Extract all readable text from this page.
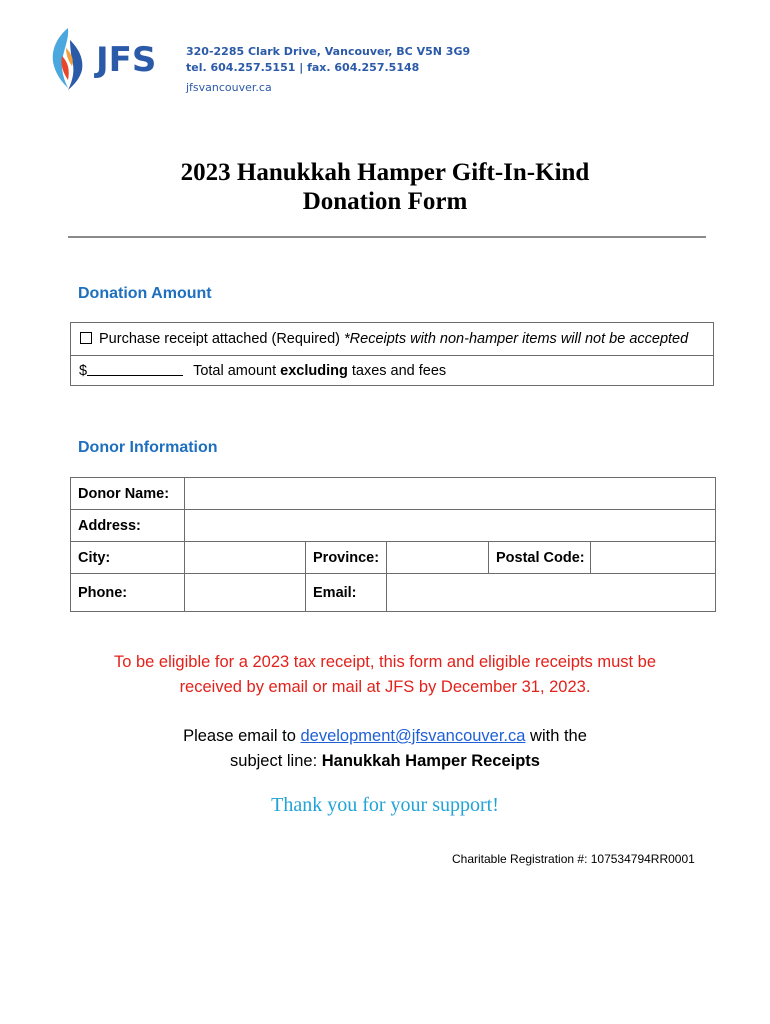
JFS	320-2285 Clark Drive, Vancouver, BC V5N 3G9
tel. 604.257.5151 | fax. 604.257.5148
jfsvancouver.ca
2023 Hanukkah Hamper Gift-In-Kind
Donation Form
Donation Amount
Purchase receipt attached (Required) *Receipts with non-hamper items will not be accepted
$	Total amount excluding taxes and fees
Donor Information
Donor Name:					
Address:					
City:		Province:		Postal Code:	
Phone:		Email:			
To be eligible for a 2023 tax receipt, this form and eligible receipts must be
received by email or mail at JFS by December 31, 2023.
Please email to development@jfsvancouver.ca with the
subject line: Hanukkah Hamper Receipts
Thank you for your support!
Charitable Registration #: 107534794RR0001
